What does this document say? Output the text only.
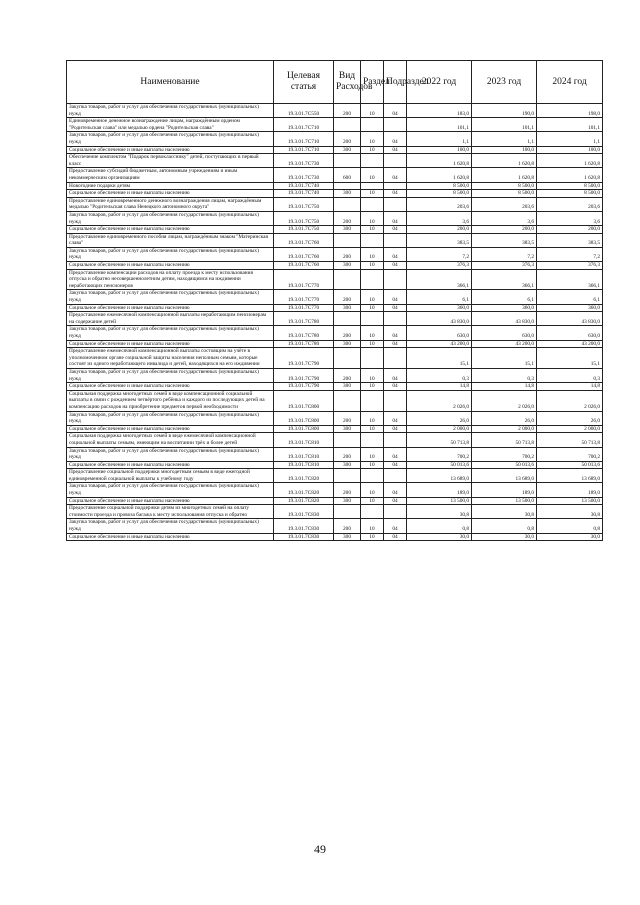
Наименование	Целевая статья	Вид Расходов	Раздел	Подраздел	2022 год	2023 год	2024 год
Закупка товаров, работ и услуг для обеспечения государственных (муниципальных) нужд	19.3.01.7С550	200	10	04	183,0	190,0	198,0
Единовременное денежное вознаграждение лицам, награждённым орденом "Родительская слава" или медалью ордена "Родительская слава"	19.3.01.7С710				101,1	101,1	101,1
Закупка товаров, работ и услуг для обеспечения государственных (муниципальных) нужд	19.3.01.7С710	200	10	04	1,1	1,1	1,1
Социальное обеспечение и иные выплаты населению	19.3.01.7С710	300	10	04	100,0	100,0	100,0
Обеспечение комплектом "Подарок первокласснику" детей, поступающих в первый класс	19.3.01.7С730				1 620,8	1 620,8	1 620,8
Предоставление субсидий бюджетным, автономным учреждениям и иным некоммерческим организациям	19.3.01.7С730	600	10	04	1 620,8	1 620,8	1 620,8
Новогодние подарки детям	19.3.01.7С740				8 500,0	8 500,0	8 500,0
Социальное обеспечение и иные выплаты населению	19.3.01.7С740	300	10	04	8 500,0	8 500,0	8 500,0
Предоставление единовременного денежного вознаграждения лицам, награждённым медалью "Родительская слава Ненецкого автономного округа"	19.3.01.7С750				203,6	203,6	203,6
Закупка товаров, работ и услуг для обеспечения государственных (муниципальных) нужд	19.3.01.7С750	200	10	04	3,6	3,6	3,6
Социальное обеспечение и иные выплаты населению	19.3.01.7С750	300	10	04	200,0	200,0	200,0
Предоставление единовременного пособия лицам, награждённым знаком "Материнская слава"	19.3.01.7С760				383,5	383,5	383,5
Закупка товаров, работ и услуг для обеспечения государственных (муниципальных) нужд	19.3.01.7С760	200	10	04	7,2	7,2	7,2
Социальное обеспечение и иные выплаты населению	19.3.01.7С760	300	10	04	376,3	376,3	376,3
Предоставление компенсации расходов на оплату проезда к месту использования отпуска и обратно несовершеннолетним детям, находящимся на иждивении неработающих пенсионеров	19.3.01.7С770				366,1	366,1	366,1
Закупка товаров, работ и услуг для обеспечения государственных (муниципальных) нужд	19.3.01.7С770	200	10	04	6,1	6,1	6,1
Социальное обеспечение и иные выплаты населению	19.3.01.7С770	300	10	04	360,0	360,0	360,0
Предоставление ежемесячной компенсационной выплаты неработающим пенсионерам на содержание детей	19.3.01.7С780				43 830,0	43 830,0	43 830,0
Закупка товаров, работ и услуг для обеспечения государственных (муниципальных) нужд	19.3.01.7С780	200	10	04	630,0	630,0	630,0
Социальное обеспечение и иные выплаты населению	19.3.01.7С780	300	10	04	43 200,0	43 200,0	43 200,0
Предоставление ежемесячной компенсационной выплаты состоящим на учёте в уполномоченном органе социальной защиты населения неполным семьям, которые состоят из одного неработающего инвалида и детей, находящихся на его иждивении	19.3.01.7С790				15,1	15,1	15,1
Закупка товаров, работ и услуг для обеспечения государственных (муниципальных) нужд	19.3.01.7С790	200	10	04	0,3	0,3	0,3
Социальное обеспечение и иные выплаты населению	19.3.01.7С790	300	10	04	14,8	14,8	14,8
Социальная поддержка многодетных семей в виде компенсационной социальной выплаты в связи с рождением четвёртого ребёнка и каждого из последующих детей на компенсацию расходов на приобретение предметов первой необходимости	19.3.01.7С800				2 026,0	2 026,0	2 026,0
Закупка товаров, работ и услуг для обеспечения государственных (муниципальных) нужд	19.3.01.7С800	200	10	04	26,0	26,0	26,0
Социальное обеспечение и иные выплаты населению	19.3.01.7С800	300	10	04	2 000,0	2 000,0	2 000,0
Социальная поддержка многодетных семей в виде ежемесячной компенсационной социальной выплаты семьям, имеющим на воспитании трёх и более детей	19.3.01.7С810				50 713,8	50 713,8	50 713,8
Закупка товаров, работ и услуг для обеспечения государственных (муниципальных) нужд	19.3.01.7С810	200	10	04	700,2	700,2	700,2
Социальное обеспечение и иные выплаты населению	19.3.01.7С810	300	10	04	50 013,6	50 013,6	50 013,6
Предоставление социальной поддержки многодетным семьям в виде ежегодной единовременной социальной выплаты к учебному году	19.3.01.7С820				13 689,0	13 689,0	13 689,0
Закупка товаров, работ и услуг для обеспечения государственных (муниципальных) нужд	19.3.01.7С820	200	10	04	189,0	189,0	189,0
Социальное обеспечение и иные выплаты населению	19.3.01.7С820	300	10	04	13 500,0	13 500,0	13 500,0
Предоставление социальной поддержки детям из многодетных семей на оплату стоимости проезда и провоза багажа к месту использования отпуска и обратно	19.3.01.7С830				30,8	30,8	30,8
Закупка товаров, работ и услуг для обеспечения государственных (муниципальных) нужд	19.3.01.7С830	200	10	04	0,8	0,8	0,8
Социальное обеспечение и иные выплаты населению	19.3.01.7С830	300	10	04	30,0	30,0	30,0
49
